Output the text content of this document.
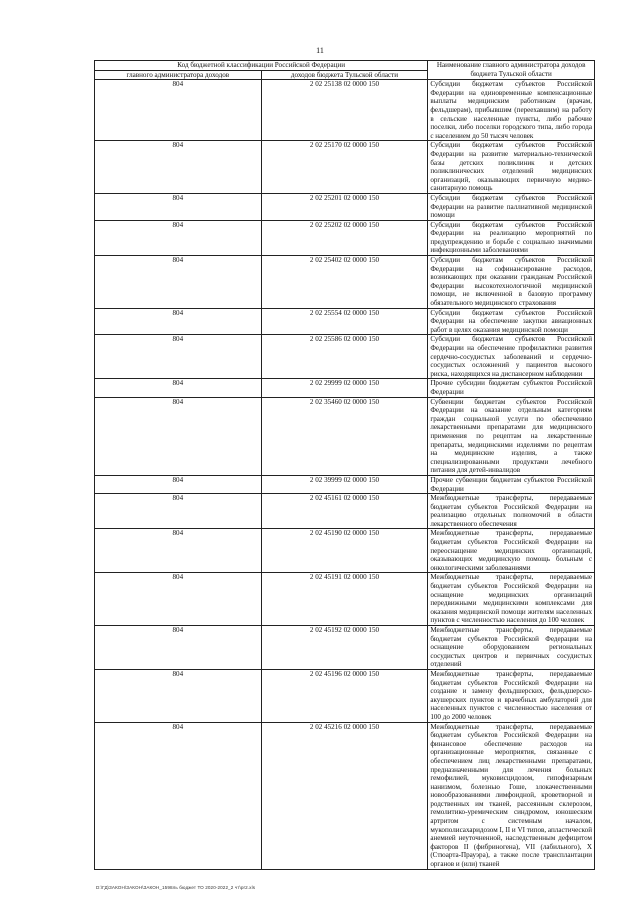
11
Код бюджетной классификации Российской Федерации		Наименование главного администратора доходов бюджета Тульской области
главного администратора доходов	доходов бюджета Тульской области	
804	2 02 25138 02 0000 150	Субсидии бюджетам субъектов Российской Федерации на единовременные компенсационные выплаты медицинским работникам (врачам, фельдшерам), прибывшим (переехавшим) на работу в сельские населенные пункты, либо рабочие поселки, либо поселки городского типа, либо города с населением до 50 тысяч человек
804	2 02 25170 02 0000 150	Субсидии бюджетам субъектов Российской Федерации на развитие материально-технической базы детских поликлиник и детских поликлинических отделений медицинских организаций, оказывающих первичную медико-санитарную помощь
804	2 02 25201 02 0000 150	Субсидии бюджетам субъектов Российской Федерации на развитие паллиативной медицинской помощи
804	2 02 25202 02 0000 150	Субсидии бюджетам субъектов Российской Федерации на реализацию мероприятий по предупреждению и борьбе с социально значимыми инфекционными заболеваниями
804	2 02 25402 02 0000 150	Субсидии бюджетам субъектов Российской Федерации на софинансирование расходов, возникающих при оказании гражданам Российской Федерации высокотехнологичной медицинской помощи, не включенной в базовую программу обязательного медицинского страхования
804	2 02 25554 02 0000 150	Субсидии бюджетам субъектов Российской Федерации на обеспечение закупки авиационных работ в целях оказания медицинской помощи
804	2 02 25586 02 0000 150	Субсидии бюджетам субъектов Российской Федерации на обеспечение профилактики развития сердечно-сосудистых заболеваний и сердечно-сосудистых осложнений у пациентов высокого риска, находящихся на диспансерном наблюдении
804	2 02 29999 02 0000 150	Прочие субсидии бюджетам субъектов Российской Федерации
804	2 02 35460 02 0000 150	Субвенции бюджетам субъектов Российской Федерации на оказание отдельным категориям граждан социальной услуги по обеспечению лекарственными препаратами для медицинского применения по рецептам на лекарственные препараты, медицинскими изделиями по рецептам на медицинские изделия, а также специализированными продуктами лечебного питания для детей-инвалидов
804	2 02 39999 02 0000 150	Прочие субвенции бюджетам субъектов Российской Федерации
804	2 02 45161 02 0000 150	Межбюджетные трансферты, передаваемые бюджетам субъектов Российской Федерации на реализацию отдельных полномочий в области лекарственного обеспечения
804	2 02 45190 02 0000 150	Межбюджетные трансферты, передаваемые бюджетам субъектов Российской Федерации на переоснащение медицинских организаций, оказывающих медицинскую помощь больным с онкологическими заболеваниями
804	2 02 45191 02 0000 150	Межбюджетные трансферты, передаваемые бюджетам субъектов Российской Федерации на оснащение медицинских организаций передвижными медицинскими комплексами для оказания медицинской помощи жителям населенных пунктов с численностью населения до 100 человек
804	2 02 45192 02 0000 150	Межбюджетные трансферты, передаваемые бюджетам субъектов Российской Федерации на оснащение оборудованием региональных сосудистых центров и первичных сосудистых отделений
804	2 02 45196 02 0000 150	Межбюджетные трансферты, передаваемые бюджетам субъектов Российской Федерации на создание и замену фельдшерских, фельдшерско-акушерских пунктов и врачебных амбулаторий для населенных пунктов с численностью населения от 100 до 2000 человек
804	2 02 45216 02 0000 150	Межбюджетные трансферты, передаваемые бюджетам субъектов Российской Федерации на финансовое обеспечение расходов на организационные мероприятия, связанные с обеспечением лиц лекарственными препаратами, предназначенными для лечения больных гемофилией, муковисцидозом, гипофизарным нанизмом, болезнью Гоше, злокачественными новообразованиями лимфоидной, кроветворной и родственных им тканей, рассеянным склерозом, гемолитико-уремическим синдромом, юношеским артритом с системным началом, мукополисахаридозом I, II и VI типов, апластической анемией неуточненной, наследственным дефицитом факторов II (фибриногена), VII (лабильного), X (Стюарта-Прауэра), а также после трансплантации органов и (или) тканей
D:\ГД\ЗАКОН\ЗАКОН\ЗАКОН_1598ль бюджет ТО 2020-2022_2 чт\pr2.xls
